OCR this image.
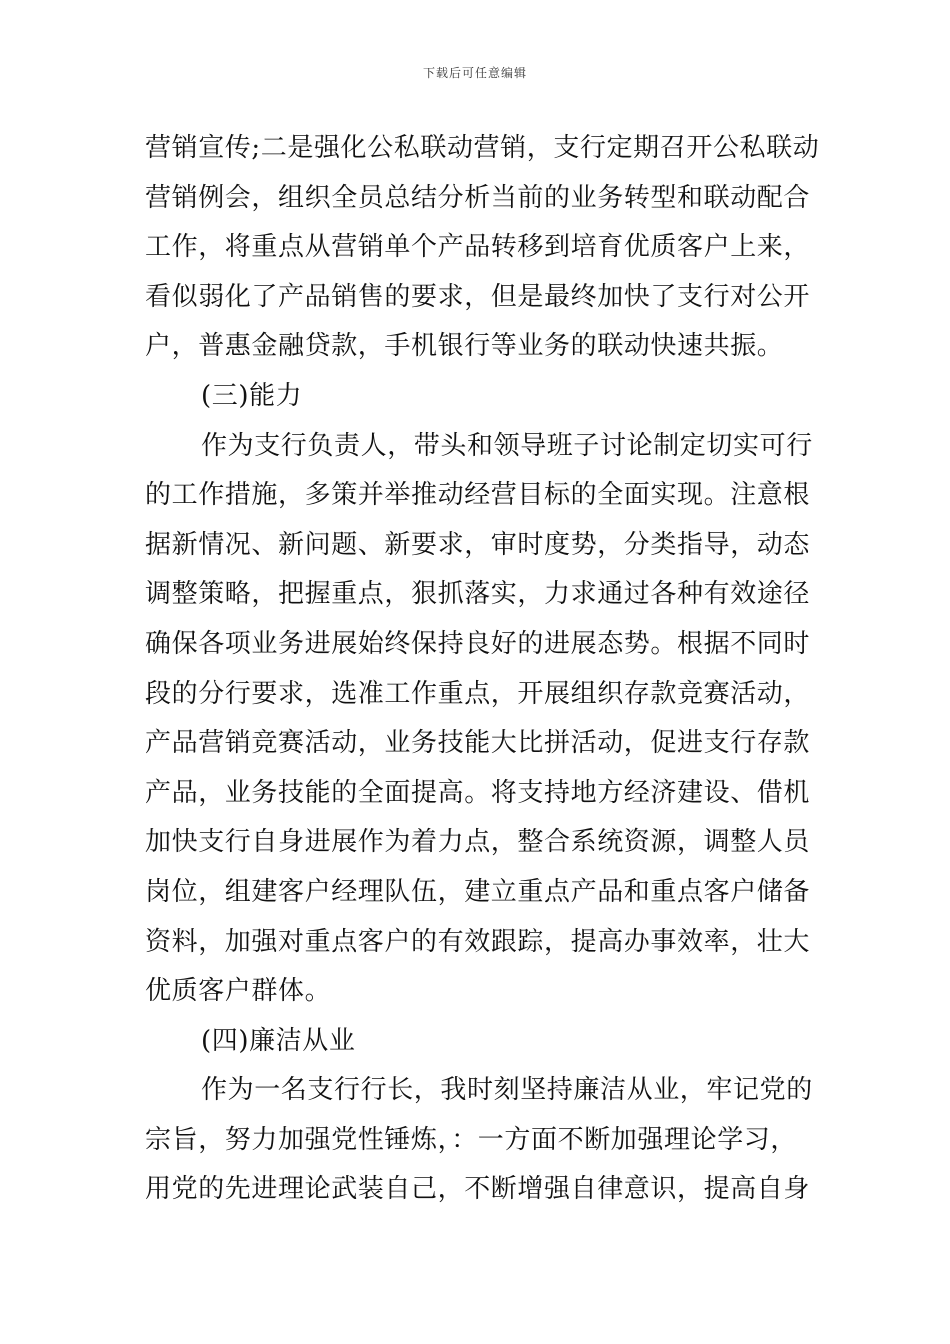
下载后可任意编辑
营销宣传;二是强化公私联动营销，支行定期召开公私联动
营销例会，组织全员总结分析当前的业务转型和联动配合
工作，将重点从营销单个产品转移到培育优质客户上来，
看似弱化了产品销售的要求，但是最终加快了支行对公开
户，普惠金融贷款，手机银行等业务的联动快速共振。
(三)能力
作为支行负责人，带头和领导班子讨论制定切实可行
的工作措施，多策并举推动经营目标的全面实现。注意根
据新情况、新问题、新要求，审时度势，分类指导，动态
调整策略，把握重点，狠抓落实，力求通过各种有效途径
确保各项业务进展始终保持良好的进展态势。根据不同时
段的分行要求，选准工作重点，开展组织存款竞赛活动，
产品营销竞赛活动，业务技能大比拼活动，促进支行存款
产品，业务技能的全面提高。将支持地方经济建设、借机
加快支行自身进展作为着力点，整合系统资源，调整人员
岗位，组建客户经理队伍，建立重点产品和重点客户储备
资料，加强对重点客户的有效跟踪，提高办事效率，壮大
优质客户群体。
(四)廉洁从业
作为一名支行行长，我时刻坚持廉洁从业，牢记党的
宗旨，努力加强党性锤炼，：一方面不断加强理论学习，
用党的先进理论武装自己，不断增强自律意识，提高自身
